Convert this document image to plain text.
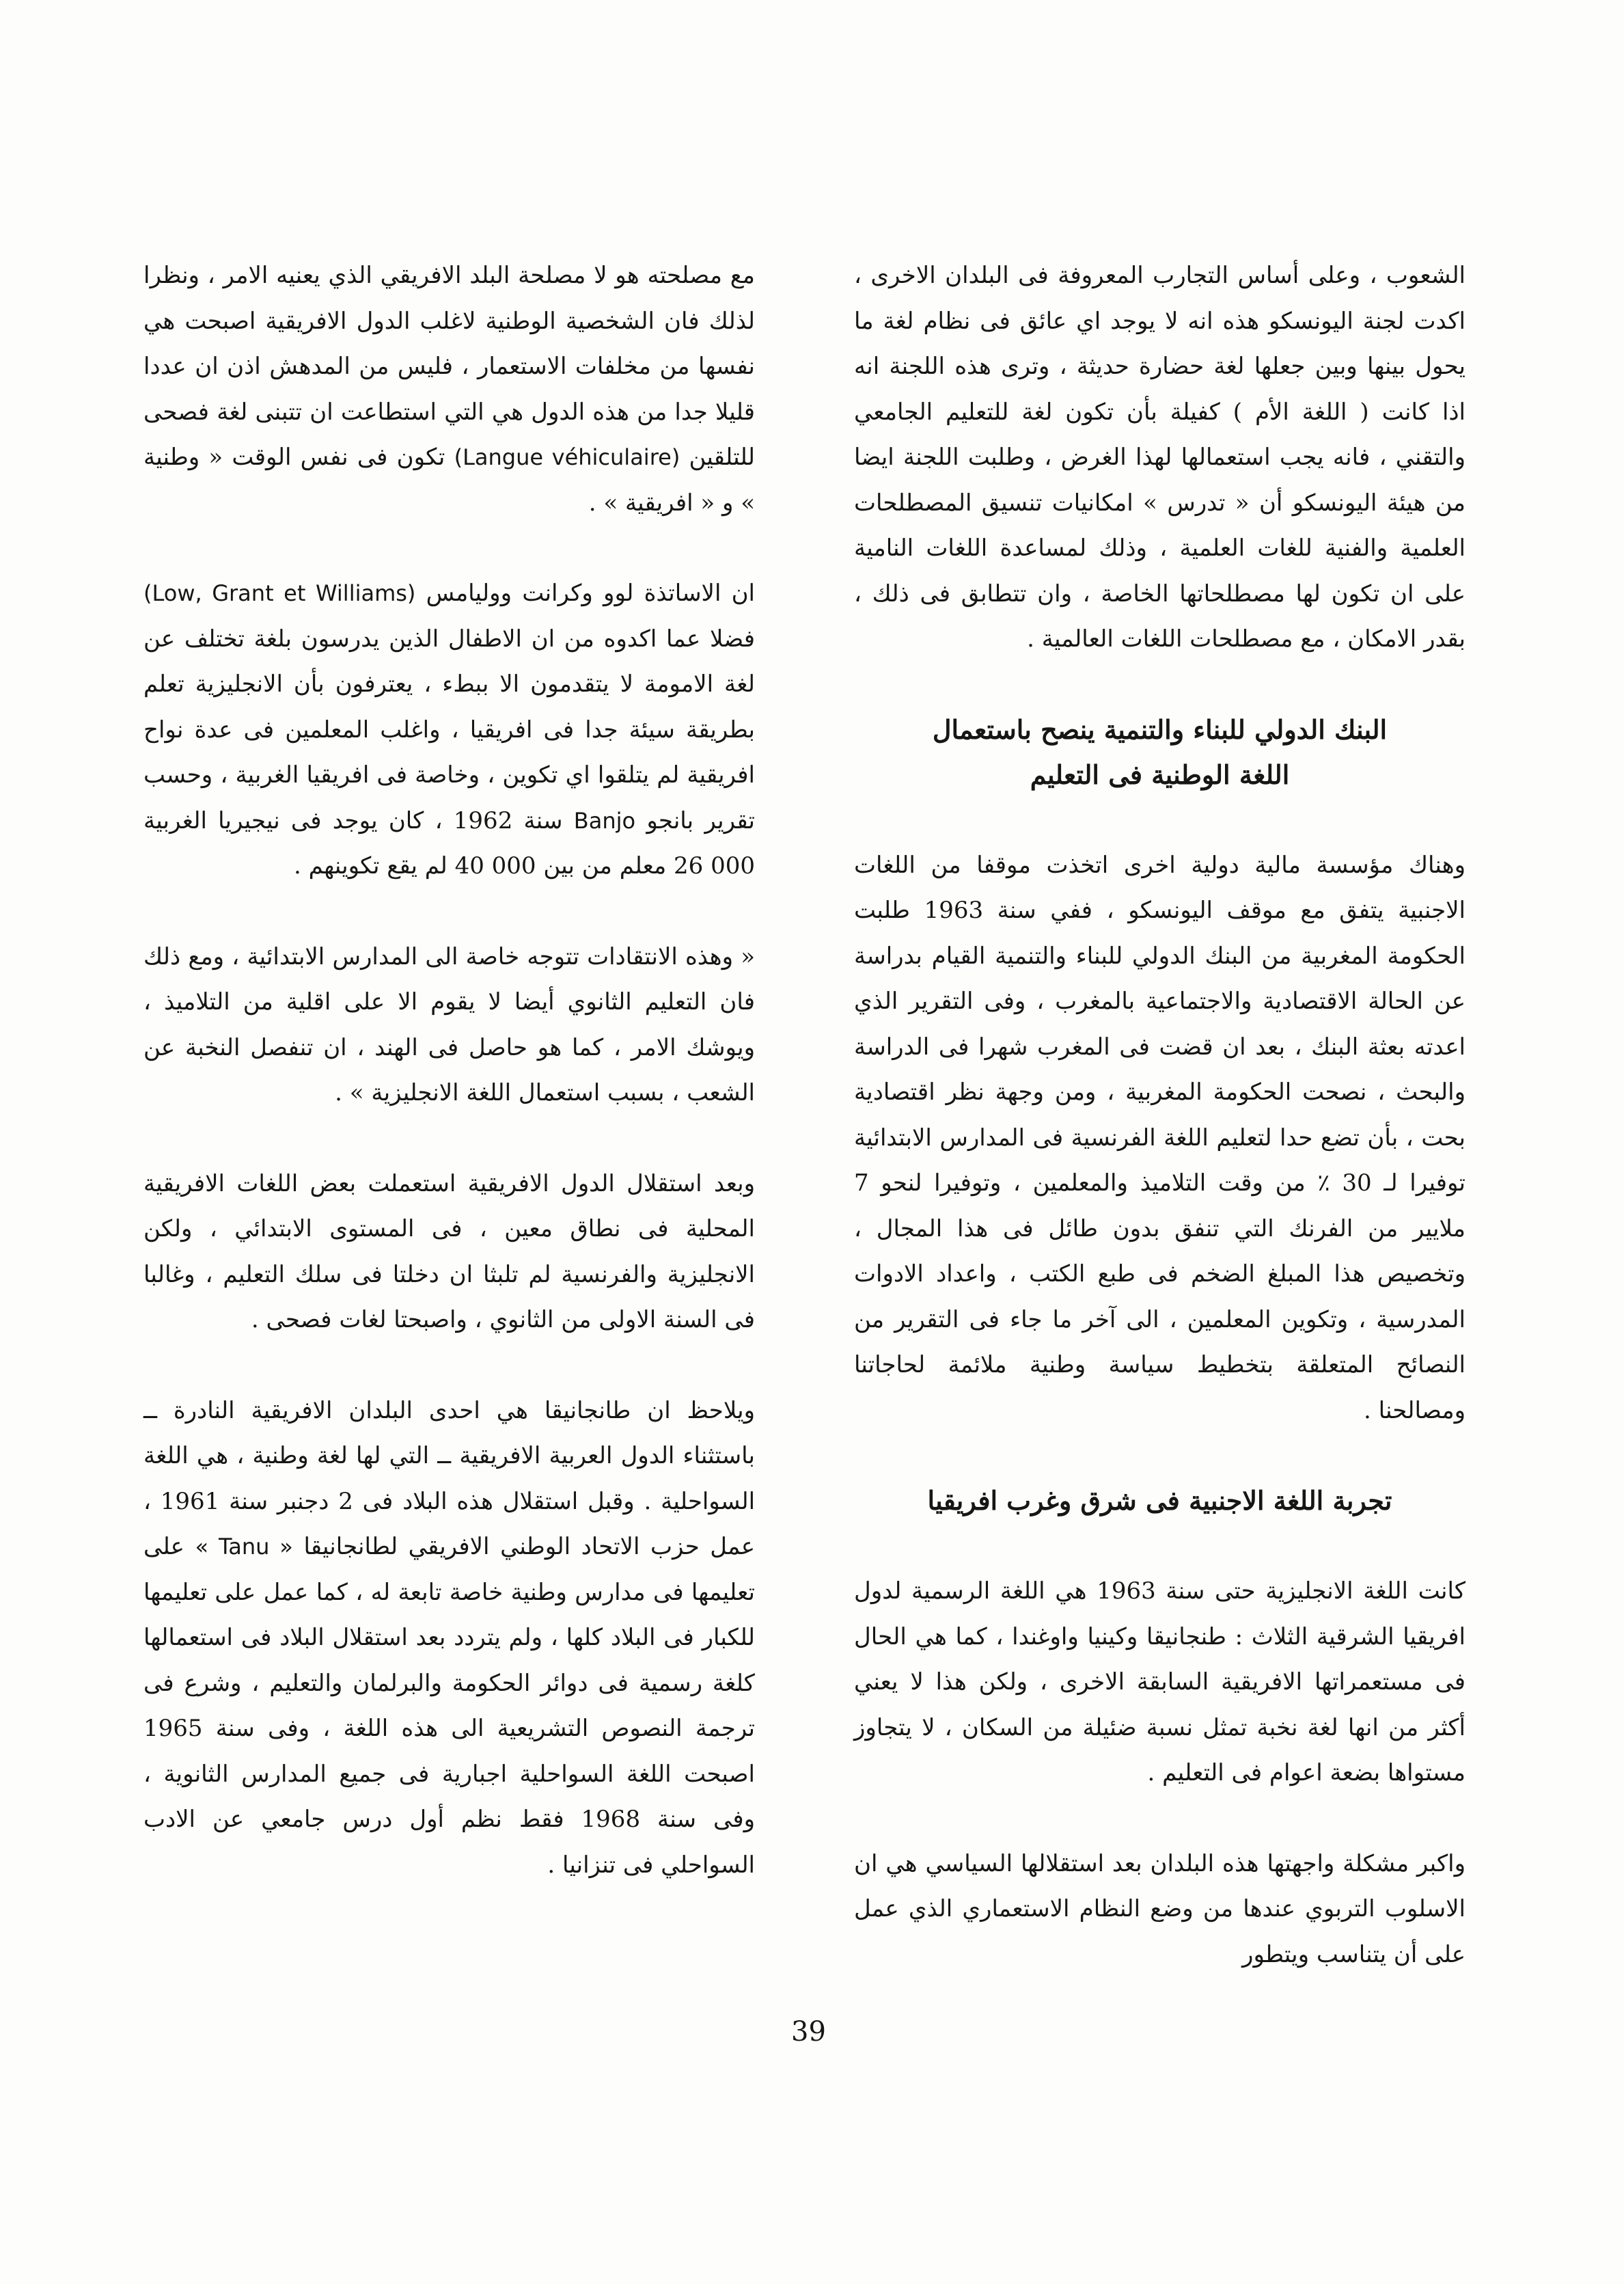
الشعوب ، وعلى أساس التجارب المعروفة فى البلدان الاخرى ، اكدت لجنة اليونسكو هذه انه لا يوجد اي عائق فى نظام لغة ما يحول بينها وبين جعلها لغة حضارة حديثة ، وترى هذه اللجنة انه اذا كانت ( اللغة الأم ) كفيلة بأن تكون لغة للتعليم الجامعي والتقني ، فانه يجب استعمالها لهذا الغرض ، وطلبت اللجنة ايضا من هيئة اليونسكو أن « تدرس » امكانيات تنسيق المصطلحات العلمية والفنية للغات العلمية ، وذلك لمساعدة اللغات النامية على ان تكون لها مصطلحاتها الخاصة ، وان تتطابق فى ذلك ، بقدر الامكان ، مع مصطلحات اللغات العالمية .

البنك الدولي للبناء والتنمية ينصح باستعمال
اللغة الوطنية فى التعليم

وهناك مؤسسة مالية دولية اخرى اتخذت موقفا من اللغات الاجنبية يتفق مع موقف اليونسكو ، ففي سنة 1963 طلبت الحكومة المغربية من البنك الدولي للبناء والتنمية القيام بدراسة عن الحالة الاقتصادية والاجتماعية بالمغرب ، وفى التقرير الذي اعدته بعثة البنك ، بعد ان قضت فى المغرب شهرا فى الدراسة والبحث ، نصحت الحكومة المغربية ، ومن وجهة نظر اقتصادية بحت ، بأن تضع حدا لتعليم اللغة الفرنسية فى المدارس الابتدائية توفيرا لـ 30 ٪ من وقت التلاميذ والمعلمين ، وتوفيرا لنحو 7 ملايير من الفرنك التي تنفق بدون طائل فى هذا المجال ، وتخصيص هذا المبلغ الضخم فى طبع الكتب ، واعداد الادوات المدرسية ، وتكوين المعلمين ، الى آخر ما جاء فى التقرير من النصائح المتعلقة بتخطيط سياسة وطنية ملائمة لحاجاتنا ومصالحنا .

تجربة اللغة الاجنبية فى شرق وغرب افريقيا

كانت اللغة الانجليزية حتى سنة 1963 هي اللغة الرسمية لدول افريقيا الشرقية الثلاث : طنجانيقا وكينيا واوغندا ، كما هي الحال فى مستعمراتها الافريقية السابقة الاخرى ، ولكن هذا لا يعني أكثر من انها لغة نخبة تمثل نسبة ضئيلة من السكان ، لا يتجاوز مستواها بضعة اعوام فى التعليم .

واكبر مشكلة واجهتها هذه البلدان بعد استقلالها السياسي هي ان الاسلوب التربوي عندها من وضع النظام الاستعماري الذي عمل على أن يتناسب ويتطور

مع مصلحته هو لا مصلحة البلد الافريقي الذي يعنيه الامر ، ونظرا لذلك فان الشخصية الوطنية لاغلب الدول الافريقية اصبحت هي نفسها من مخلفات الاستعمار ، فليس من المدهش اذن ان عددا قليلا جدا من هذه الدول هي التي استطاعت ان تتبنى لغة فصحى للتلقين (Langue véhiculaire) تكون فى نفس الوقت « وطنية » و « افريقية » .

ان الاساتذة لوو وكرانت ووليامس (Low, Grant et Williams) فضلا عما اكدوه من ان الاطفال الذين يدرسون بلغة تختلف عن لغة الامومة لا يتقدمون الا ببطء ، يعترفون بأن الانجليزية تعلم بطريقة سيئة جدا فى افريقيا ، واغلب المعلمين فى عدة نواح افريقية لم يتلقوا اي تكوين ، وخاصة فى افريقيا الغربية ، وحسب تقرير بانجو Banjo سنة 1962 ، كان يوجد فى نيجيريا الغربية 000 26 معلم من بين 000 40 لم يقع تكوينهم .

« وهذه الانتقادات تتوجه خاصة الى المدارس الابتدائية ، ومع ذلك فان التعليم الثانوي أيضا لا يقوم الا على اقلية من التلاميذ ، ويوشك الامر ، كما هو حاصل فى الهند ، ان تنفصل النخبة عن الشعب ، بسبب استعمال اللغة الانجليزية » .

وبعد استقلال الدول الافريقية استعملت بعض اللغات الافريقية المحلية فى نطاق معين ، فى المستوى الابتدائي ، ولكن الانجليزية والفرنسية لم تلبثا ان دخلتا فى سلك التعليم ، وغالبا فى السنة الاولى من الثانوي ، واصبحتا لغات فصحى .

ويلاحظ ان طانجانيقا هي احدى البلدان الافريقية النادرة ــ باستثناء الدول العربية الافريقية ــ التي لها لغة وطنية ، هي اللغة السواحلية . وقبل استقلال هذه البلاد فى 2 دجنبر سنة 1961 ، عمل حزب الاتحاد الوطني الافريقي لطانجانيقا « Tanu » على تعليمها فى مدارس وطنية خاصة تابعة له ، كما عمل على تعليمها للكبار فى البلاد كلها ، ولم يتردد بعد استقلال البلاد فى استعمالها كلغة رسمية فى دوائر الحكومة والبرلمان والتعليم ، وشرع فى ترجمة النصوص التشريعية الى هذه اللغة ، وفى سنة 1965 اصبحت اللغة السواحلية اجبارية فى جميع المدارس الثانوية ، وفى سنة 1968 فقط نظم أول درس جامعي عن الادب السواحلي فى تنزانيا .

39
